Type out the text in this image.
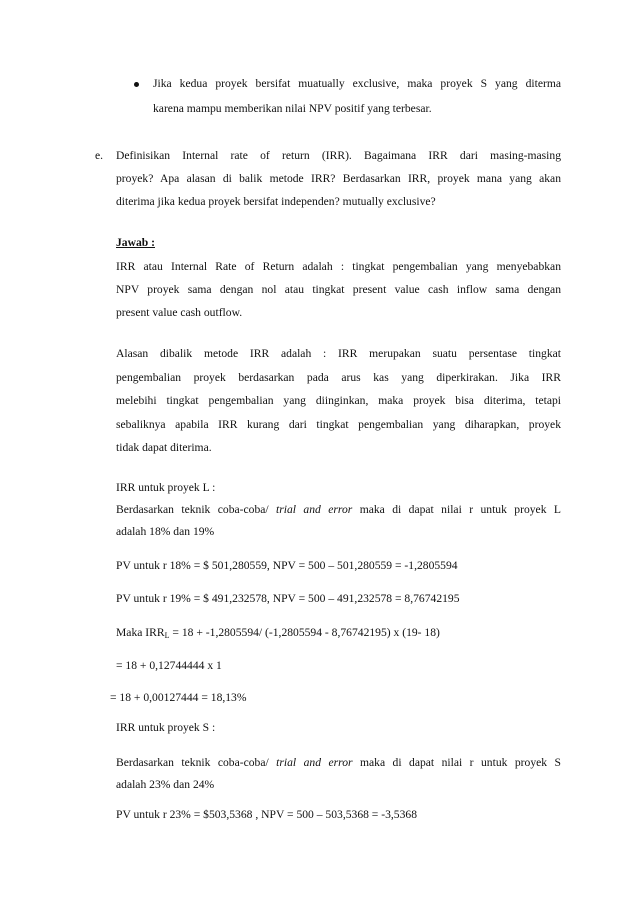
Jika kedua proyek bersifat muatually exclusive, maka proyek S yang diterma
karena mampu memberikan nilai NPV positif yang terbesar.
e. Definisikan Internal rate of return (IRR). Bagaimana IRR dari masing-masing
proyek? Apa alasan di balik metode IRR? Berdasarkan IRR, proyek mana yang akan
diterima jika kedua proyek bersifat independen? mutually exclusive?
Jawab :
IRR atau Internal Rate of Return adalah : tingkat pengembalian yang menyebabkan
NPV proyek sama dengan nol atau tingkat present value cash inflow sama dengan
present value cash outflow.
Alasan dibalik metode IRR adalah : IRR merupakan suatu persentase tingkat
pengembalian proyek berdasarkan pada arus kas yang diperkirakan. Jika IRR
melebihi tingkat pengembalian yang diinginkan, maka proyek bisa diterima, tetapi
sebaliknya apabila IRR kurang dari tingkat pengembalian yang diharapkan, proyek
tidak dapat diterima.
IRR untuk proyek L :
Berdasarkan teknik coba-coba/ trial and error maka di dapat nilai r untuk proyek L
adalah 18% dan 19%
PV untuk r 18% = $ 501,280559, NPV = 500 – 501,280559 = -1,2805594
PV untuk r 19% = $ 491,232578, NPV = 500 – 491,232578 = 8,76742195
Maka $IRR_L = 18 + -1,2805594/$ (-1,2805594 - 8,76742195) x (19- 18)
= 18 + 0,12744444 x 1
= 18 + 0,00127444 = 18,13%
IRR untuk proyek S :
Berdasarkan teknik coba-coba/ trial and error maka di dapat nilai r untuk proyek S
adalah 23% dan 24%
PV untuk r 23% = $503,5368 , NPV = 500 – 503,5368 = -3,5368
